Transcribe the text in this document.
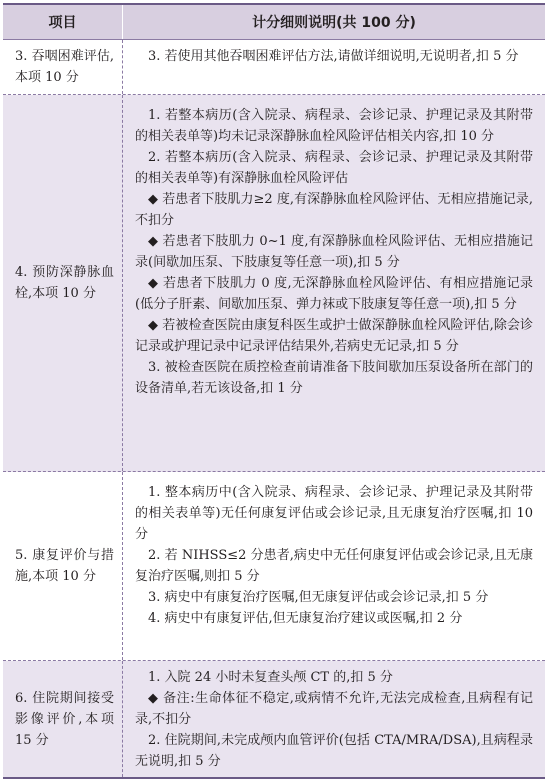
项目	计分细则说明(共 100 分)
3. 吞咽困难评估,本项 10 分

3. 若使用其他吞咽困难评估方法,请做详细说明,无说明者,扣 5 分

4. 预防深静脉血栓,本项 10 分

1. 若整本病历(含入院录、病程录、会诊记录、护理记录及其附带的相关表单等)均未记录深静脉血栓风险评估相关内容,扣 10 分

2. 若整本病历(含入院录、病程录、会诊记录、护理记录及其附带的相关表单等)有深静脉血栓风险评估

◆ 若患者下肢肌力≥2 度,有深静脉血栓风险评估、无相应措施记录,不扣分

◆ 若患者下肢肌力 0~1 度,有深静脉血栓风险评估、无相应措施记录(间歇加压泵、下肢康复等任意一项),扣 5 分

◆ 若患者下肢肌力 0 度,无深静脉血栓风险评估、有相应措施记录(低分子肝素、间歇加压泵、弹力袜或下肢康复等任意一项),扣 5 分

◆ 若被检查医院由康复科医生或护士做深静脉血栓风险评估,除会诊记录或护理记录中记录评估结果外,若病史无记录,扣 5 分

3. 被检查医院在质控检查前请准备下肢间歇加压泵设备所在部门的设备清单,若无该设备,扣 1 分

5. 康复评价与措施,本项 10 分

1. 整本病历中(含入院录、病程录、会诊记录、护理记录及其附带的相关表单等)无任何康复评估或会诊记录,且无康复治疗医嘱,扣 10 分

2. 若 NIHSS≤2 分患者,病史中无任何康复评估或会诊记录,且无康复治疗医嘱,则扣 5 分

3. 病史中有康复治疗医嘱,但无康复评估或会诊记录,扣 5 分

4. 病史中有康复评估,但无康复治疗建议或医嘱,扣 2 分

6. 住院期间接受影像评价,本项 15 分

1. 入院 24 小时未复查头颅 CT 的,扣 5 分

◆ 备注:生命体征不稳定,或病情不允许,无法完成检查,且病程有记录,不扣分

2. 住院期间,未完成颅内血管评价(包括 CTA/MRA/DSA),且病程录无说明,扣 5 分
